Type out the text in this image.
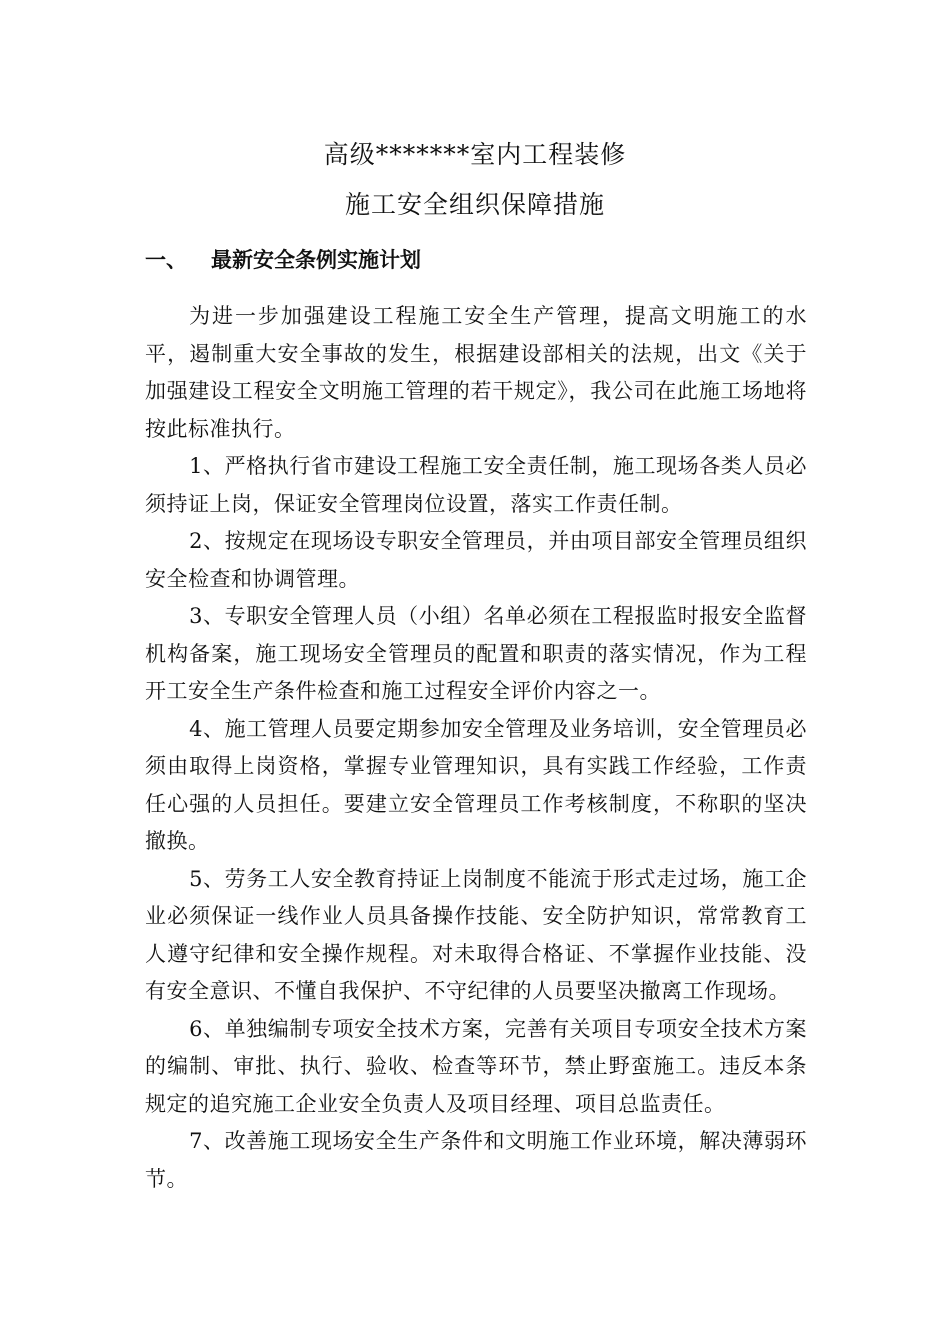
高级*******室内工程装修
施工安全组织保障措施
一、 最新安全条例实施计划

为进一步加强建设工程施工安全生产管理，提高文明施工的水平，遏制重大安全事故的发生，根据建设部相关的法规，出文《关于加强建设工程安全文明施工管理的若干规定》，我公司在此施工场地将按此标准执行。

1、严格执行省市建设工程施工安全责任制，施工现场各类人员必须持证上岗，保证安全管理岗位设置，落实工作责任制。

2、按规定在现场设专职安全管理员，并由项目部安全管理员组织安全检查和协调管理。

3、专职安全管理人员（小组）名单必须在工程报监时报安全监督机构备案，施工现场安全管理员的配置和职责的落实情况，作为工程开工安全生产条件检查和施工过程安全评价内容之一。

4、施工管理人员要定期参加安全管理及业务培训，安全管理员必须由取得上岗资格，掌握专业管理知识，具有实践工作经验，工作责任心强的人员担任。要建立安全管理员工作考核制度，不称职的坚决撤换。

5、劳务工人安全教育持证上岗制度不能流于形式走过场，施工企业必须保证一线作业人员具备操作技能、安全防护知识，常常教育工人遵守纪律和安全操作规程。对未取得合格证、不掌握作业技能、没有安全意识、不懂自我保护、不守纪律的人员要坚决撤离工作现场。

6、单独编制专项安全技术方案，完善有关项目专项安全技术方案的编制、审批、执行、验收、检查等环节，禁止野蛮施工。违反本条规定的追究施工企业安全负责人及项目经理、项目总监责任。

7、改善施工现场安全生产条件和文明施工作业环境，解决薄弱环节。
